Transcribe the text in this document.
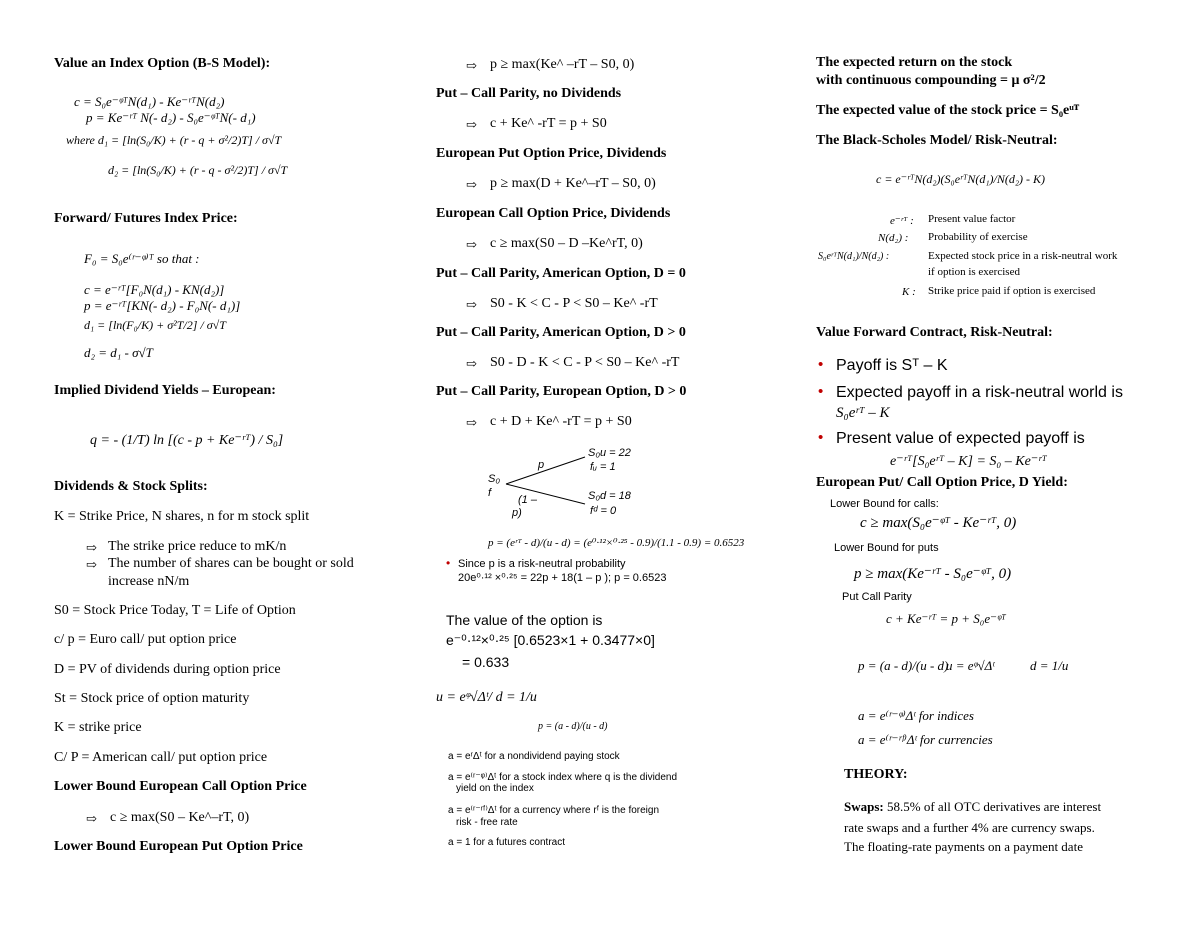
Value an Index Option (B-S Model):
c = S₀e⁻ᵠᵀN(d₁) - Ke⁻ʳᵀN(d₂)
p = Ke⁻ʳᵀ N(- d₂) - S₀e⁻ᵠᵀN(- d₁)
where d₁ = [ln(S₀/K) + (r - q + σ²/2)T] / σ√T
d₂ = [ln(S₀/K) + (r - q - σ²/2)T] / σ√T
Forward/ Futures Index Price:
F₀ = S₀e⁽ʳ⁻ᵠ⁾ᵀ so that :
c = e⁻ʳᵀ[F₀N(d₁) - KN(d₂)]
p = e⁻ʳᵀ[KN(- d₂) - F₀N(- d₁)]
d₁ = [ln(F₀/K) + σ²T/2] / σ√T
d₂ = d₁ - σ√T
Implied Dividend Yields – European:
q = - (1/T) ln [(c - p + Ke⁻ʳᵀ) / S₀]
Dividends & Stock Splits:
K = Strike Price, N shares, n for m stock split
⇨ The strike price reduce to mK/n
⇨ The number of shares can be bought or sold
increase nN/m
S0 = Stock Price Today, T = Life of Option
c/ p = Euro call/ put option price
D = PV of dividends during option price
St = Stock price of option maturity
K = strike price
C/ P = American call/ put option price
Lower Bound European Call Option Price
⇨ c ≥ max(S0 – Ke^–rT, 0)
Lower Bound European Put Option Price
⇨ p ≥ max(Ke^ –rT – S0, 0)
Put – Call Parity, no Dividends
⇨ c + Ke^ -rT = p + S0
European Put Option Price, Dividends
⇨ p ≥ max(D + Ke^–rT – S0, 0)
European Call Option Price, Dividends
⇨ c ≥ max(S0 – D –Ke^rT, 0)
Put – Call Parity, American Option, D = 0
⇨ S0 - K < C - P < S0 – Ke^ -rT
Put – Call Parity, American Option, D > 0
⇨ S0 - D - K < C - P < S0 – Ke^ -rT
Put – Call Parity, European Option, D > 0
⇨ c + D + Ke^ -rT = p + S0
S₀
f
p
(1 –
p)
S₀u = 22
fᵤ = 1
S₀d = 18
fᵈ = 0
p = (eʳᵀ - d)/(u - d) = (e⁰·¹²×⁰·²⁵ - 0.9)/(1.1 - 0.9) = 0.6523
• Since p is a risk-neutral probability
20e⁰·¹² ×⁰·²⁵ = 22p + 18(1 – p ); p = 0.6523
The value of the option is
e⁻⁰·¹²×⁰·²⁵ [0.6523×1 + 0.3477×0]
= 0.633
u = eᵠ√Δᵗ/ d = 1/u
p = (a - d)/(u - d)
a = eʳΔᵗ for a nondividend paying stock
a = e⁽ʳ⁻ᵠ⁾Δᵗ for a stock index where q is the dividend
yield on the index
a = e⁽ʳ⁻ʳᶠ⁾Δᵗ for a currency where rᶠ is the foreign
risk - free rate
a = 1 for a futures contract
The expected return on the stock
with continuous compounding = μ σ²/2
The expected value of the stock price = S₀eᵘᵀ
The Black-Scholes Model/ Risk-Neutral:
c = e⁻ʳᵀN(d₂)(S₀eʳᵀN(d₁)/N(d₂) - K)
e⁻ʳᵀ : Present value factor
N(d₂) : Probability of exercise
S₀eʳᵀN(d₁)/N(d₂) :	Expected stock price in a risk-neutral work
if option is exercised
K : Strike price paid if option is exercised
Value Forward Contract, Risk-Neutral:
• Payoff is Sᵀ – K
• Expected payoff in a risk-neutral world is
S₀eʳᵀ – K
• Present value of expected payoff is
e⁻ʳᵀ[S₀eʳᵀ – K] = S₀ – Ke⁻ʳᵀ
European Put/ Call Option Price, D Yield:
Lower Bound for calls:
c ≥ max(S₀e⁻ᵠᵀ - Ke⁻ʳᵀ, 0)
Lower Bound for puts
p ≥ max(Ke⁻ʳᵀ - S₀e⁻ᵠᵀ, 0)
Put Call Parity
c + Ke⁻ʳᵀ = p + S₀e⁻ᵠᵀ
p = (a - d)/(u - d)
u = eᵠ√Δᵗ	d = 1/u
a = e⁽ʳ⁻ᵠ⁾Δᵗ for indices
a = e⁽ʳ⁻ʳᶠ⁾Δᵗ for currencies
THEORY:
Swaps: 58.5% of all OTC derivatives are interest
rate swaps and a further 4% are currency swaps.
The floating-rate payments on a payment date
